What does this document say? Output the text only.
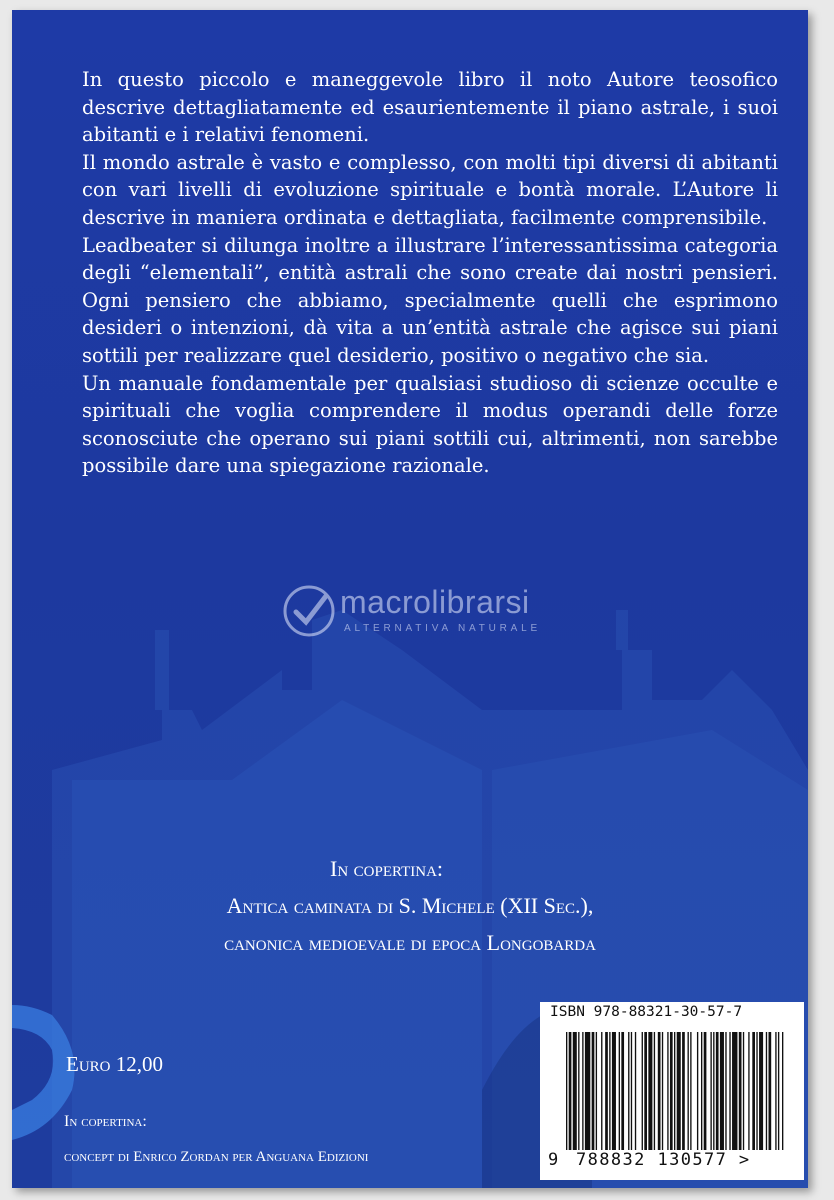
In questo piccolo e maneggevole libro il noto Autore teosofico descrive dettagliatamente ed esaurientemente il piano astrale, i suoi abitanti e i relativi fenomeni.

Il mondo astrale è vasto e complesso, con molti tipi diversi di abitanti con vari livelli di evoluzione spirituale e bontà morale. L’Autore li descrive in maniera ordinata e dettagliata, facilmente comprensibile.

Leadbeater si dilunga inoltre a illustrare l’interessantissima categoria degli “elementali”, entità astrali che sono create dai nostri pensieri. Ogni pensiero che abbiamo, specialmente quelli che esprimono desideri o intenzioni, dà vita a un’entità astrale che agisce sui piani sottili per realizzare quel desiderio, positivo o negativo che sia.

Un manuale fondamentale per qualsiasi studioso di scienze occulte e spirituali che voglia comprendere il modus operandi delle forze sconosciute che operano sui piani sottili cui, altrimenti, non sarebbe possibile dare una spiegazione razionale.

macrolibrarsi
ALTERNATIVA NATURALE
In copertina:
Antica caminata di S. Michele (XII Sec.),
canonica medioevale di epoca Longobarda
Euro 12,00
In copertina:
concept di Enrico Zordan per Anguana Edizioni
ISBN 978-88321-30-57-7
9 788832 130577 >
